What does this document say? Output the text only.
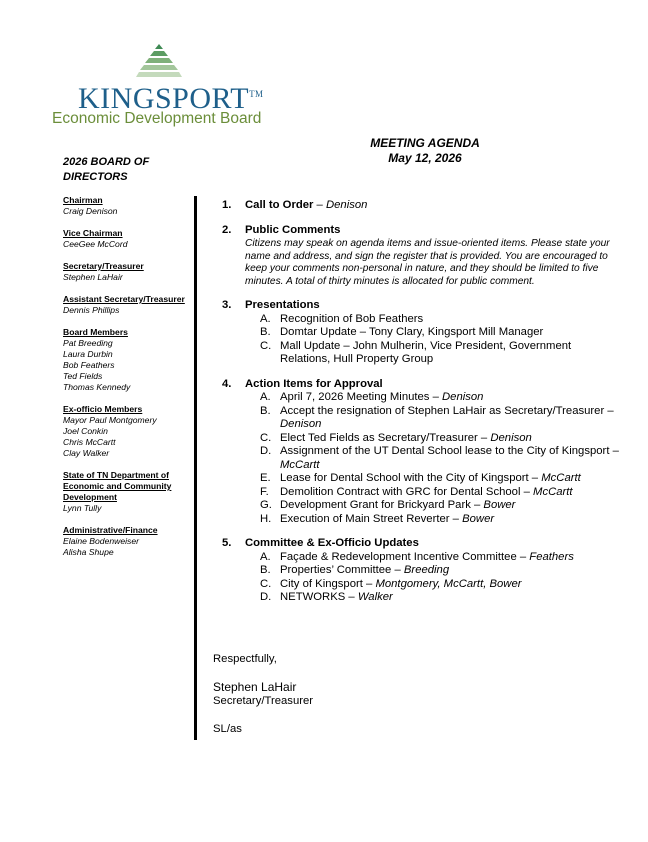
KINGSPORT™
Economic Development Board
MEETING AGENDA
May 12, 2026
2026 BOARD OF DIRECTORS
Chairman
Craig Denison
Vice Chairman
CeeGee McCord
Secretary/Treasurer
Stephen LaHair
Assistant Secretary/Treasurer
Dennis Phillips
Board Members
Pat Breeding
Laura Durbin
Bob Feathers
Ted Fields
Thomas Kennedy
Ex-officio Members
Mayor Paul Montgomery
Joel Conkin
Chris McCartt
Clay Walker
State of TN Department of Economic and Community Development
Lynn Tully
Administrative/Finance
Elaine Bodenweiser
Alisha Shupe
1.	Call to Order – Denison
2.	Public Comments
Citizens may speak on agenda items and issue-oriented items. Please state your name and address, and sign the register that is provided. You are encouraged to keep your comments non-personal in nature, and they should be limited to five minutes. A total of thirty minutes is allocated for public comment.
3.	Presentations
A. Recognition of Bob Feathers
B. Domtar Update – Tony Clary, Kingsport Mill Manager
C. Mall Update – John Mulherin, Vice President, Government Relations, Hull Property Group
4.	Action Items for Approval
A. April 7, 2026 Meeting Minutes – Denison
B. Accept the resignation of Stephen LaHair as Secretary/Treasurer – Denison
C. Elect Ted Fields as Secretary/Treasurer – Denison
D. Assignment of the UT Dental School lease to the City of Kingsport – McCartt
E. Lease for Dental School with the City of Kingsport – McCartt
F. Demolition Contract with GRC for Dental School – McCartt
G. Development Grant for Brickyard Park – Bower
H. Execution of Main Street Reverter – Bower
5.	Committee & Ex-Officio Updates
A. Façade & Redevelopment Incentive Committee – Feathers
B. Properties’ Committee – Breeding
C. City of Kingsport – Montgomery, McCartt, Bower
D. NETWORKS – Walker
Respectfully,
Stephen LaHair
Secretary/Treasurer
SL/as
